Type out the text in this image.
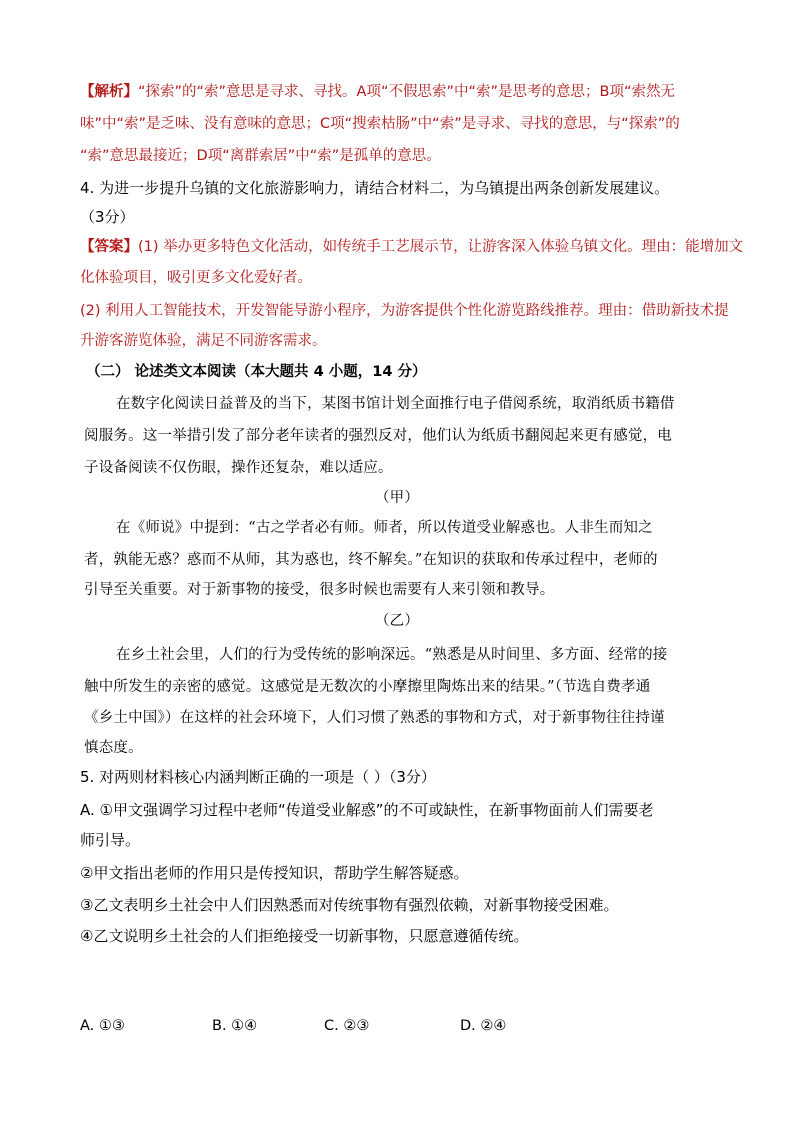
【解析】“探索”的“索”意思是寻求、寻找。A项“不假思索”中“索”是思考的意思；B项“索然无
味”中“索”是乏味、没有意味的意思；C项“搜索枯肠”中“索”是寻求、寻找的意思，与“探索”的
“索”意思最接近；D项“离群索居”中“索”是孤单的意思。
4. 为进一步提升乌镇的文化旅游影响力，请结合材料二，为乌镇提出两条创新发展建议。
（3分）
【答案】(1) 举办更多特色文化活动，如传统手工艺展示节，让游客深入体验乌镇文化。理由：能增加文
化体验项目，吸引更多文化爱好者。
(2) 利用人工智能技术，开发智能导游小程序，为游客提供个性化游览路线推荐。理由：借助新技术提
升游客游览体验，满足不同游客需求。
（二） 论述类文本阅读（本大题共 4 小题，14 分）
在数字化阅读日益普及的当下，某图书馆计划全面推行电子借阅系统，取消纸质书籍借
阅服务。这一举措引发了部分老年读者的强烈反对，他们认为纸质书翻阅起来更有感觉，电
子设备阅读不仅伤眼，操作还复杂，难以适应。
（甲）
在《师说》中提到：“古之学者必有师。师者，所以传道受业解惑也。人非生而知之
者，孰能无惑？惑而不从师，其为惑也，终不解矣。”在知识的获取和传承过程中，老师的
引导至关重要。对于新事物的接受，很多时候也需要有人来引领和教导。
（乙）
在乡土社会里，人们的行为受传统的影响深远。“熟悉是从时间里、多方面、经常的接
触中所发生的亲密的感觉。这感觉是无数次的小摩擦里陶炼出来的结果。”（节选自费孝通
《乡土中国》）在这样的社会环境下，人们习惯了熟悉的事物和方式，对于新事物往往持谨
慎态度。
5. 对两则材料核心内涵判断正确的一项是（ ）（3分）
A. ①甲文强调学习过程中老师“传道受业解惑”的不可或缺性，在新事物面前人们需要老
师引导。
②甲文指出老师的作用只是传授知识，帮助学生解答疑惑。
③乙文表明乡土社会中人们因熟悉而对传统事物有强烈依赖，对新事物接受困难。
④乙文说明乡土社会的人们拒绝接受一切新事物，只愿意遵循传统。
A. ①③	B. ①④	C. ②③	D. ②④
